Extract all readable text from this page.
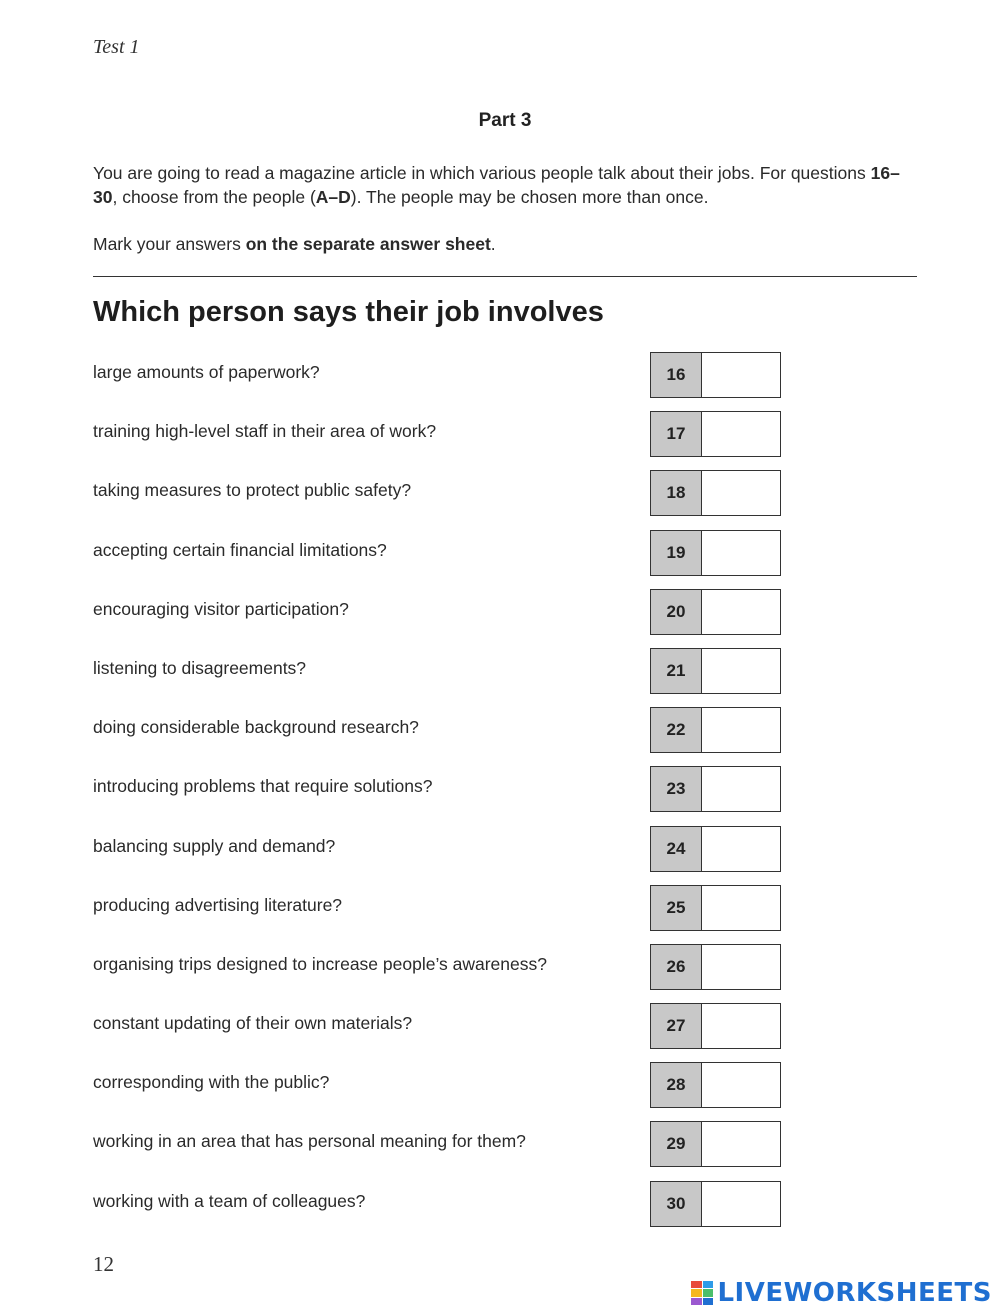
Test 1
Part 3
You are going to read a magazine article in which various people talk about their jobs. For questions 16–30, choose from the people (A–D). The people may be chosen more than once.
Mark your answers on the separate answer sheet.
Which person says their job involves
large amounts of paperwork?	16
training high-level staff in their area of work?	17
taking measures to protect public safety?	18
accepting certain financial limitations?	19
encouraging visitor participation?	20
listening to disagreements?	21
doing considerable background research?	22
introducing problems that require solutions?	23
balancing supply and demand?	24
producing advertising literature?	25
organising trips designed to increase people’s awareness?	26
constant updating of their own materials?	27
corresponding with the public?	28
working in an area that has personal meaning for them?	29
working with a team of colleagues?	30
12
LIVEWORKSHEETS
